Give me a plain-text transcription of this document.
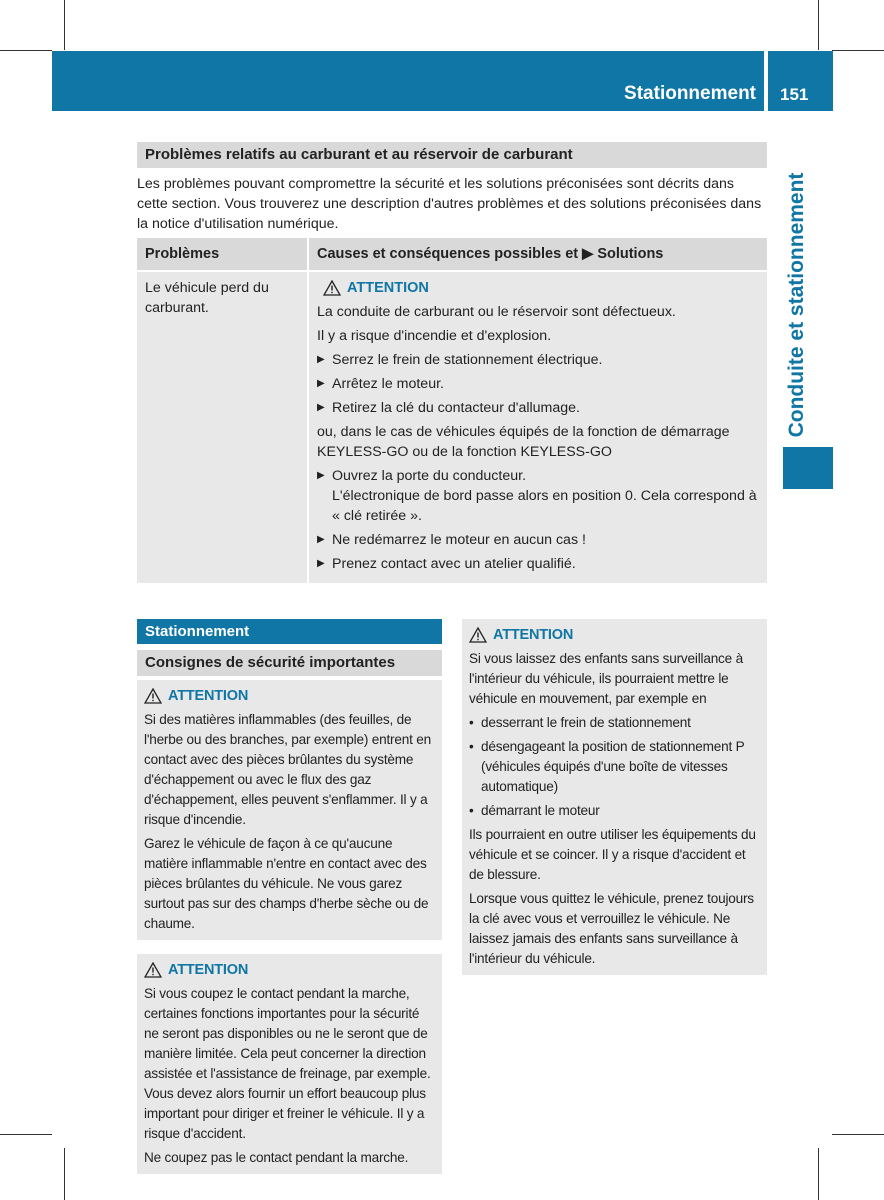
Stationnement 151
Conduite et stationnement
Problèmes relatifs au carburant et au réservoir de carburant
Les problèmes pouvant compromettre la sécurité et les solutions préconisées sont décrits dans cette section. Vous trouverez une description d'autres problèmes et des solutions préconisées dans la notice d'utilisation numérique.
Problèmes	Causes et conséquences possibles et ▶ Solutions
Le véhicule perd du carburant.
ATTENTION
La conduite de carburant ou le réservoir sont défectueux.
Il y a risque d'incendie et d'explosion.
▶ Serrez le frein de stationnement électrique.
▶ Arrêtez le moteur.
▶ Retirez la clé du contacteur d'allumage.
ou, dans le cas de véhicules équipés de la fonction de démarrage KEYLESS-GO ou de la fonction KEYLESS-GO
▶ Ouvrez la porte du conducteur.
L'électronique de bord passe alors en position 0. Cela correspond à « clé retirée ».
▶ Ne redémarrez le moteur en aucun cas !
▶ Prenez contact avec un atelier qualifié.
Stationnement
Consignes de sécurité importantes
ATTENTION
Si des matières inflammables (des feuilles, de l'herbe ou des branches, par exemple) entrent en contact avec des pièces brûlantes du système d'échappement ou avec le flux des gaz d'échappement, elles peuvent s'enflammer. Il y a risque d'incendie.
Garez le véhicule de façon à ce qu'aucune matière inflammable n'entre en contact avec des pièces brûlantes du véhicule. Ne vous garez surtout pas sur des champs d'herbe sèche ou de chaume.
ATTENTION
Si vous coupez le contact pendant la marche, certaines fonctions importantes pour la sécurité ne seront pas disponibles ou ne le seront que de manière limitée. Cela peut concerner la direction assistée et l'assistance de freinage, par exemple. Vous devez alors fournir un effort beaucoup plus important pour diriger et freiner le véhicule. Il y a risque d'accident.
Ne coupez pas le contact pendant la marche.
ATTENTION
Si vous laissez des enfants sans surveillance à l'intérieur du véhicule, ils pourraient mettre le véhicule en mouvement, par exemple en
• desserrant le frein de stationnement
• désengageant la position de stationnement P (véhicules équipés d'une boîte de vitesses automatique)
• démarrant le moteur
Ils pourraient en outre utiliser les équipements du véhicule et se coincer. Il y a risque d'accident et de blessure.
Lorsque vous quittez le véhicule, prenez toujours la clé avec vous et verrouillez le véhicule. Ne laissez jamais des enfants sans surveillance à l'intérieur du véhicule.
